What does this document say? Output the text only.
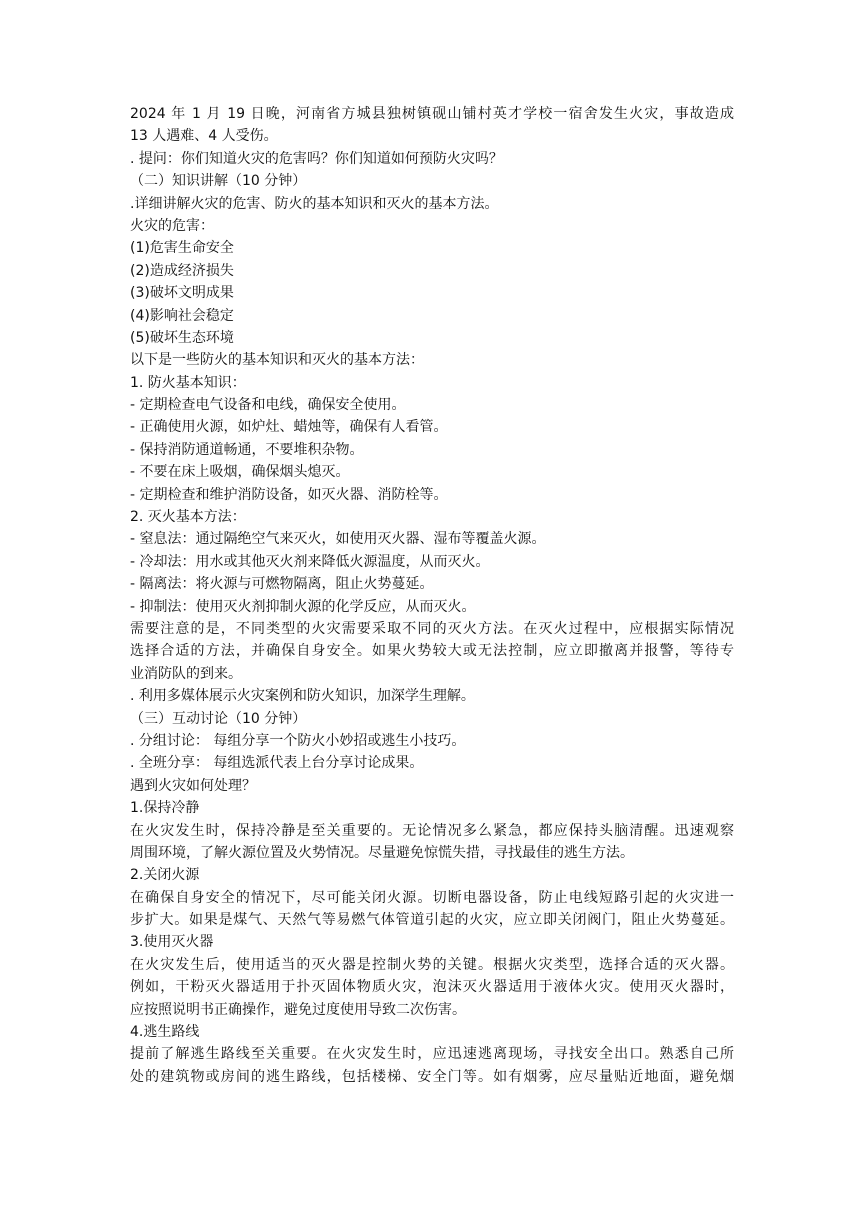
2024 年 1 月 19 日晚，河南省方城县独树镇砚山铺村英才学校一宿舍发生火灾，事故造成
13 人遇难、4 人受伤。
. 提问：你们知道火灾的危害吗？你们知道如何预防火灾吗？
（二）知识讲解（10 分钟）
.详细讲解火灾的危害、防火的基本知识和灭火的基本方法。
火灾的危害：
(1)危害生命安全
(2)造成经济损失
(3)破坏文明成果
(4)影响社会稳定
(5)破坏生态环境
以下是一些防火的基本知识和灭火的基本方法：
1. 防火基本知识：
- 定期检查电气设备和电线，确保安全使用。
- 正确使用火源，如炉灶、蜡烛等，确保有人看管。
- 保持消防通道畅通，不要堆积杂物。
- 不要在床上吸烟，确保烟头熄灭。
- 定期检查和维护消防设备，如灭火器、消防栓等。
2. 灭火基本方法：
- 窒息法：通过隔绝空气来灭火，如使用灭火器、湿布等覆盖火源。
- 冷却法：用水或其他灭火剂来降低火源温度，从而灭火。
- 隔离法：将火源与可燃物隔离，阻止火势蔓延。
- 抑制法：使用灭火剂抑制火源的化学反应，从而灭火。
需要注意的是，不同类型的火灾需要采取不同的灭火方法。在灭火过程中，应根据实际情况
选择合适的方法，并确保自身安全。如果火势较大或无法控制，应立即撤离并报警，等待专
业消防队的到来。
. 利用多媒体展示火灾案例和防火知识，加深学生理解。
（三）互动讨论（10 分钟）
. 分组讨论： 每组分享一个防火小妙招或逃生小技巧。
. 全班分享： 每组选派代表上台分享讨论成果。
遇到火灾如何处理？
1.保持冷静
在火灾发生时，保持冷静是至关重要的。无论情况多么紧急，都应保持头脑清醒。迅速观察
周围环境，了解火源位置及火势情况。尽量避免惊慌失措，寻找最佳的逃生方法。
2.关闭火源
在确保自身安全的情况下，尽可能关闭火源。切断电器设备，防止电线短路引起的火灾进一
步扩大。如果是煤气、天然气等易燃气体管道引起的火灾，应立即关闭阀门，阻止火势蔓延。
3.使用灭火器
在火灾发生后，使用适当的灭火器是控制火势的关键。根据火灾类型，选择合适的灭火器。
例如，干粉灭火器适用于扑灭固体物质火灾，泡沫灭火器适用于液体火灾。使用灭火器时，
应按照说明书正确操作，避免过度使用导致二次伤害。
4.逃生路线
提前了解逃生路线至关重要。在火灾发生时，应迅速逃离现场，寻找安全出口。熟悉自己所
处的建筑物或房间的逃生路线，包括楼梯、安全门等。如有烟雾，应尽量贴近地面，避免烟
